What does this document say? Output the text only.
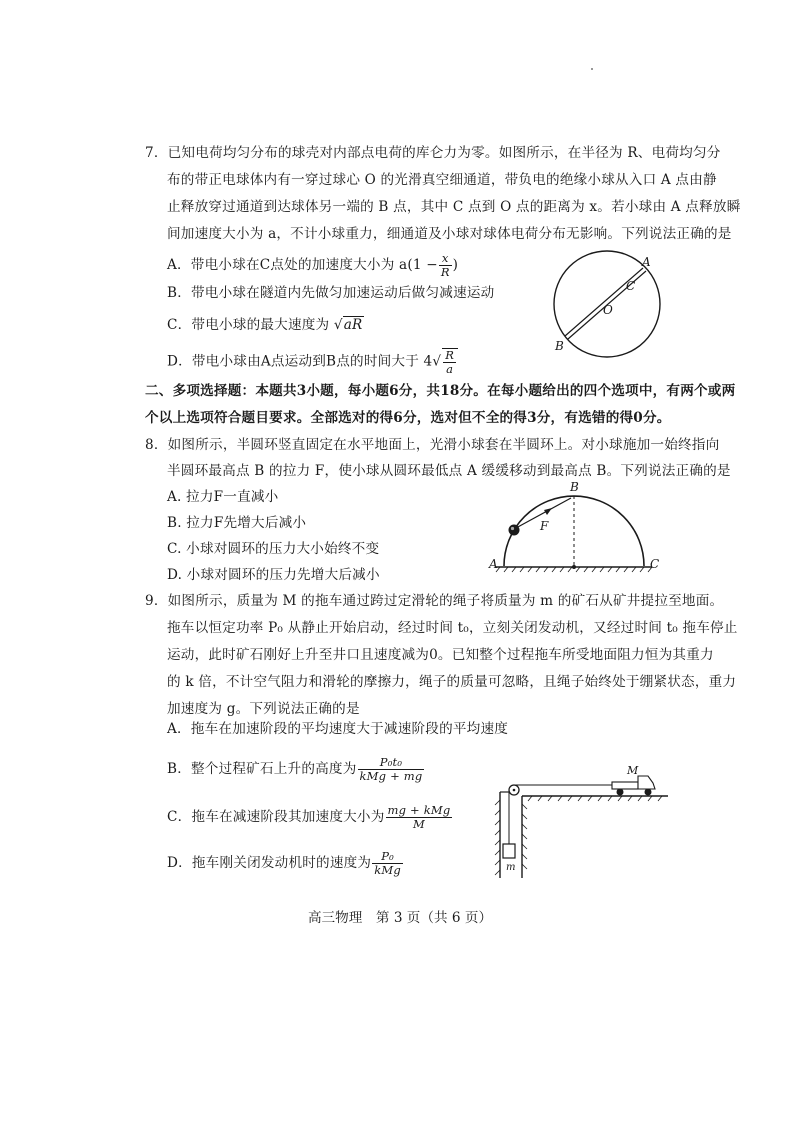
7．已知电荷均匀分布的球壳对内部点电荷的库仑力为零。如图所示，在半径为 R、电荷均匀分
布的带正电球体内有一穿过球心 O 的光滑真空细通道，带负电的绝缘小球从入口 A 点由静
止释放穿过通道到达球体另一端的 B 点，其中 C 点到 O 点的距离为 x。若小球由 A 点释放瞬
间加速度大小为 a，不计小球重力，细通道及小球对球体电荷分布无影响。下列说法正确的是
A．带电小球在C点处的加速度大小为 $a(1 - \frac{x}{R}$ )
B．带电小球在隧道内先做匀加速运动后做匀减速运动
C．带电小球的最大速度为 √aR
D．带电小球由A点运动到B点的时间大于 $4√ \frac{R}{a}$
A
C
O
B
二、多项选择题：本题共3小题，每小题6分，共18分。在每小题给出的四个选项中，有两个或两
个以上选项符合题目要求。全部选对的得6分，选对但不全的得3分，有选错的得0分。
8．如图所示，半圆环竖直固定在水平地面上，光滑小球套在半圆环上。对小球施加一始终指向
半圆环最高点 B 的拉力 F，使小球从圆环最低点 A 缓缓移动到最高点 B。下列说法正确的是
A. 拉力F一直减小
B. 拉力F先增大后减小
C. 小球对圆环的压力大小始终不变
D. 小球对圆环的压力先增大后减小
B
F
A	C
9．如图所示，质量为 M 的拖车通过跨过定滑轮的绳子将质量为 m 的矿石从矿井提拉至地面。
拖车以恒定功率 P₀ 从静止开始启动，经过时间 t₀，立刻关闭发动机，又经过时间 t₀ 拖车停止
运动，此时矿石刚好上升至井口且速度减为0。已知整个过程拖车所受地面阻力恒为其重力
的 k 倍，不计空气阻力和滑轮的摩擦力，绳子的质量可忽略，且绳子始终处于绷紧状态，重力
加速度为 g。下列说法正确的是
A．拖车在加速阶段的平均速度大于减速阶段的平均速度
B．整个过程矿石上升的高度为 $\frac{\text{P₀t₀}}{\text{kMg + mg}}$
C．拖车在减速阶段其加速度大小为 $\frac{\text{mg + kMg}}{M}$
D．拖车刚关闭发动机时的速度为 $\frac{\text{P₀}}{\text{kMg}}$
M
m
高三物理　第 3 页（共 6 页）
